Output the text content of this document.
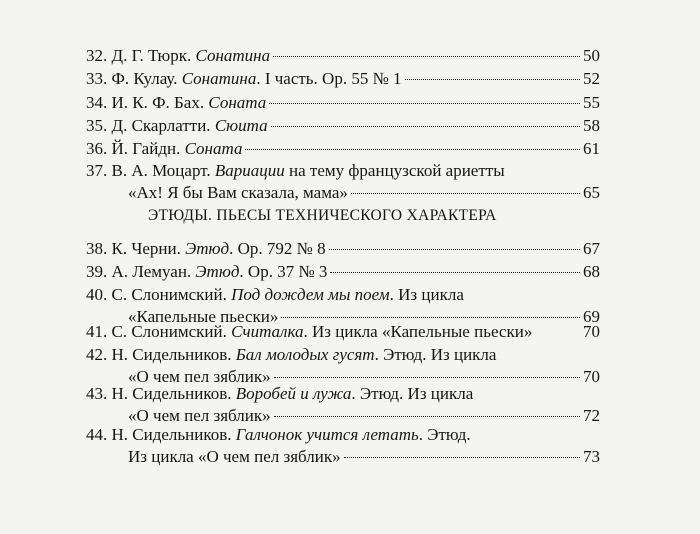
32. Д. Г. Тюрк. Сонатина	50
33. Ф. Кулау. Сонатина. I часть. Ор. 55 № 1	52
34. И. К. Ф. Бах. Соната	55
35. Д. Скарлатти. Сюита	58
36. Й. Гайдн. Соната	61
37. В. А. Моцарт. Вариации на тему французской ариетты
«Ах! Я бы Вам сказала, мама»	65
ЭТЮДЫ. ПЬЕСЫ ТЕХНИЧЕСКОГО ХАРАКТЕРА
38. К. Черни. Этюд. Ор. 792 № 8	67
39. А. Лемуан. Этюд. Ор. 37 № 3	68
40. С. Слонимский. Под дождем мы поем. Из цикла
«Капельные пьески»	69
41. С. Слонимский. Считалка. Из цикла «Капельные пьески»	70
42. Н. Сидельников. Бал молодых гусят. Этюд. Из цикла
«О чем пел зяблик»	70
43. Н. Сидельников. Воробей и лужа. Этюд. Из цикла
«О чем пел зяблик»	72
44. Н. Сидельников. Галчонок учится летать. Этюд.
Из цикла «О чем пел зяблик»	73
